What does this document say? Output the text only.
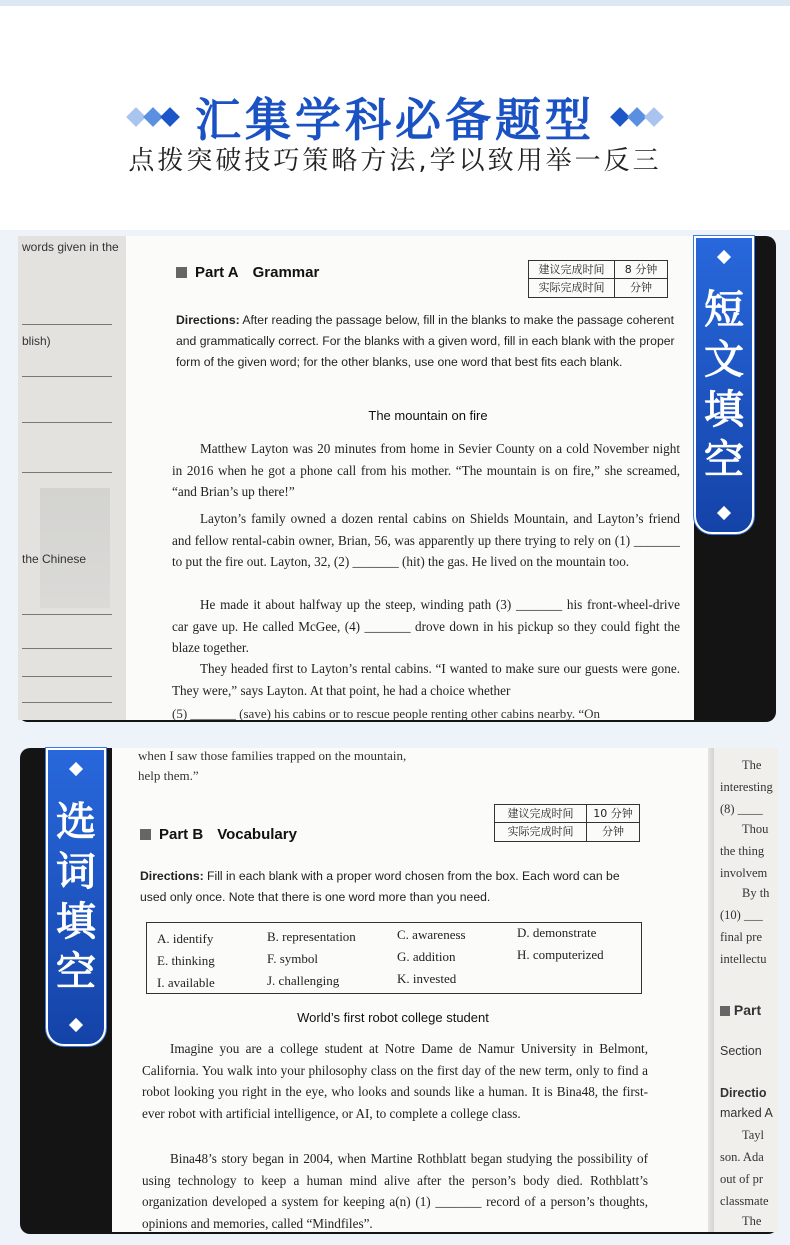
汇集学科必备题型
点拨突破技巧策略方法,学以致用举一反三
words given in the
blish)
the Chinese
Part A Grammar	建议完成时间	8 分钟
实际完成时间	分钟
Directions: After reading the passage below, fill in the blanks to make the passage coherent and grammatically correct. For the blanks with a given word, fill in each blank with the proper form of the given word; for the other blanks, use one word that best fits each blank.
The mountain on fire
Matthew Layton was 20 minutes from home in Sevier County on a cold November night in 2016 when he got a phone call from his mother. “The mountain is on fire,” she screamed, “and Brian’s up there!”
Layton’s family owned a dozen rental cabins on Shields Mountain, and Layton’s friend and fellow rental-cabin owner, Brian, 56, was apparently up there trying to rely on (1) _______ to put the fire out. Layton, 32, (2) _______ (hit) the gas. He lived on the mountain too.
He made it about halfway up the steep, winding path (3) _______ his front-wheel-drive car gave up. He called McGee, (4) _______ drove down in his pickup so they could fight the blaze together.
They headed first to Layton’s rental cabins. “I wanted to make sure our guests were gone. They were,” says Layton. At that point, he had a choice whether
(5) _______ (save) his cabins or to rescue people renting other cabins nearby. “On
短文填空
when I saw those families trapped on the mountain,
help them.”
Part B Vocabulary
建议完成时间	10 分钟
实际完成时间	分钟
Directions: Fill in each blank with a proper word chosen from the box. Each word can be used only once. Note that there is one word more than you need.
A. identify	B. representation	C. awareness	D. demonstrate
E. thinking	F. symbol	G. addition	H. computerized
I. available	J. challenging	K. invested
World’s first robot college student
Imagine you are a college student at Notre Dame de Namur University in Belmont, California. You walk into your philosophy class on the first day of the new term, only to find a robot looking you right in the eye, who looks and sounds like a human. It is Bina48, the first-ever robot with artificial intelligence, or AI, to complete a college class.
Bina48’s story began in 2004, when Martine Rothblatt began studying the possibility of using technology to keep a human mind alive after the person’s body died. Rothblatt’s organization developed a system for keeping a(n) (1) _______ record of a person’s thoughts, opinions and memories, called “Mindfiles”.
The
interesting
(8) ____
Thou
the thing
involvem
By th
(10) ___
final pre
intellectu
Part
Section
Directio
marked A
Tayl
son. Ada
out of pr
classmate
The
选词填空
